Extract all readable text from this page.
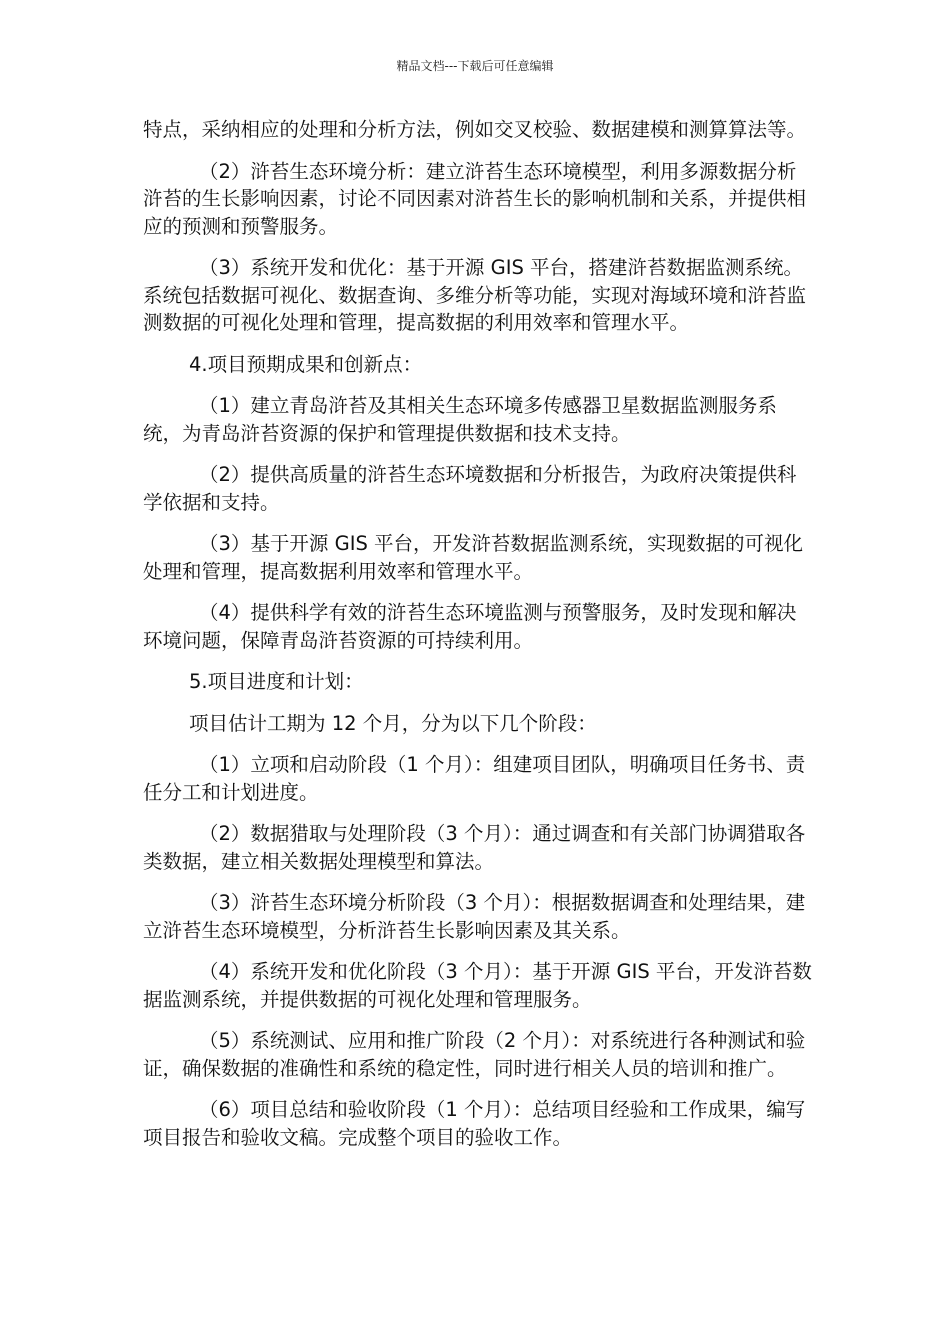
精品文档---下载后可任意编辑

特点，采纳相应的处理和分析方法，例如交叉校验、数据建模和测算算法等。

（2）浒苔生态环境分析：建立浒苔生态环境模型，利用多源数据分析浒苔的生长影响因素，讨论不同因素对浒苔生长的影响机制和关系，并提供相应的预测和预警服务。

（3）系统开发和优化：基于开源 GIS 平台，搭建浒苔数据监测系统。系统包括数据可视化、数据查询、多维分析等功能，实现对海域环境和浒苔监测数据的可视化处理和管理，提高数据的利用效率和管理水平。

4.项目预期成果和创新点：

（1）建立青岛浒苔及其相关生态环境多传感器卫星数据监测服务系统，为青岛浒苔资源的保护和管理提供数据和技术支持。

（2）提供高质量的浒苔生态环境数据和分析报告，为政府决策提供科学依据和支持。

（3）基于开源 GIS 平台，开发浒苔数据监测系统，实现数据的可视化处理和管理，提高数据利用效率和管理水平。

（4）提供科学有效的浒苔生态环境监测与预警服务，及时发现和解决环境问题，保障青岛浒苔资源的可持续利用。

5.项目进度和计划：

项目估计工期为 12 个月，分为以下几个阶段：

（1）立项和启动阶段（1 个月）：组建项目团队，明确项目任务书、责任分工和计划进度。

（2）数据猎取与处理阶段（3 个月）：通过调查和有关部门协调猎取各类数据，建立相关数据处理模型和算法。

（3）浒苔生态环境分析阶段（3 个月）：根据数据调查和处理结果，建立浒苔生态环境模型，分析浒苔生长影响因素及其关系。

（4）系统开发和优化阶段（3 个月）：基于开源 GIS 平台，开发浒苔数据监测系统，并提供数据的可视化处理和管理服务。

（5）系统测试、应用和推广阶段（2 个月）：对系统进行各种测试和验证，确保数据的准确性和系统的稳定性，同时进行相关人员的培训和推广。

（6）项目总结和验收阶段（1 个月）：总结项目经验和工作成果，编写项目报告和验收文稿。完成整个项目的验收工作。
